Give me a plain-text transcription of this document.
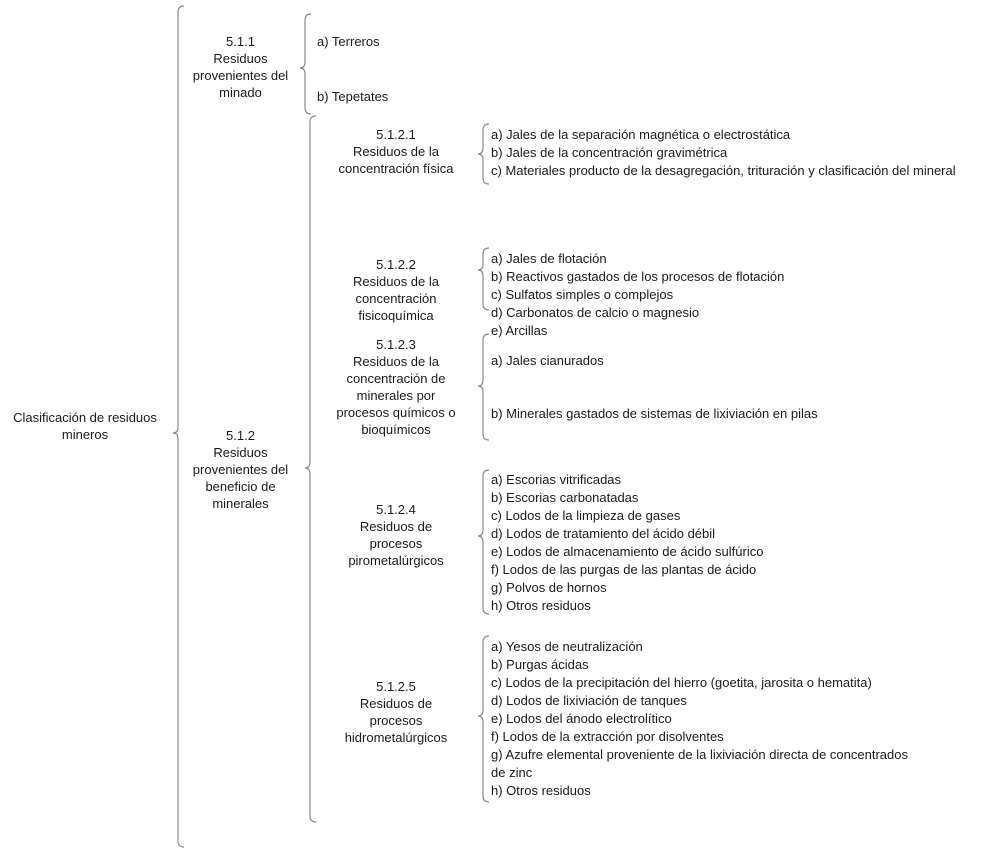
Clasificación de residuos
mineros
5.1.1
Residuos
provenientes del
minado
a) Terreros
b) Tepetates
5.1.2
Residuos
provenientes del
beneficio de
minerales
5.1.2.1
Residuos de la
concentración física
a) Jales de la separación magnética o electrostática
b) Jales de la concentración gravimétrica
c) Materiales producto de la desagregación, trituración y clasificación del mineral
5.1.2.2
Residuos de la
concentración
fisicoquímica
a) Jales de flotación
b) Reactivos gastados de los procesos de flotación
c) Sulfatos simples o complejos
d) Carbonatos de calcio o magnesio
e) Arcillas
5.1.2.3
Residuos de la
concentración de
minerales por
procesos químicos o
bioquímicos
a) Jales cianurados
b) Minerales gastados de sistemas de lixiviación en pilas
5.1.2.4
Residuos de
procesos
pirometalúrgicos
a) Escorias vitrificadas
b) Escorias carbonatadas
c) Lodos de la limpieza de gases
d) Lodos de tratamiento del ácido débil
e) Lodos de almacenamiento de ácido sulfúrico
f) Lodos de las purgas de las plantas de ácido
g) Polvos de hornos
h) Otros residuos
5.1.2.5
Residuos de
procesos
hidrometalúrgicos
a) Yesos de neutralización
b) Purgas ácidas
c) Lodos de la precipitación del hierro (goetita, jarosita o hematita)
d) Lodos de lixiviación de tanques
e) Lodos del ánodo electrolítico
f) Lodos de la extracción por disolventes
g) Azufre elemental proveniente de la lixiviación directa de concentrados
de zinc
h) Otros residuos
